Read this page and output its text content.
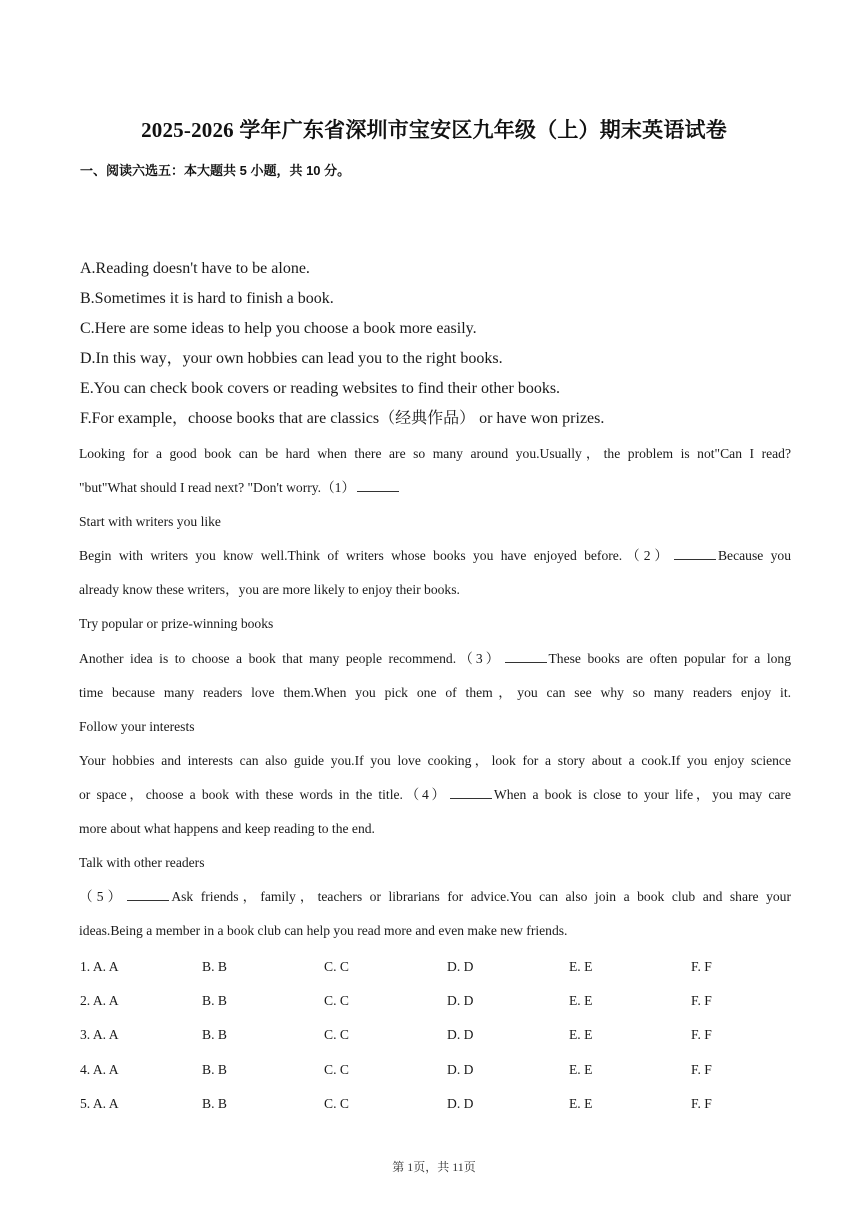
2025-2026 学年广东省深圳市宝安区九年级（上）期末英语试卷
一、阅读六选五：本大题共 5 小题，共 10 分。
A.Reading doesn't have to be alone.
B.Sometimes it is hard to finish a book.
C.Here are some ideas to help you choose a book more easily.
D.In this way，your own hobbies can lead you to the right books.
E.You can check book covers or reading websites to find their other books.
F.For example，choose books that are classics（经典作品） or have won prizes.
Looking for a good book can be hard when there are so many around you.Usually，the problem is not"Can I read?
"but"What should I read next? "Don't worry.（1）
Start with writers you like
Begin with writers you know well.Think of writers whose books you have enjoyed before.（2）	Because you
already know these writers，you are more likely to enjoy their books.
Try popular or prize-winning books
Another idea is to choose a book that many people recommend.（3）	These books are often popular for a long
time because many readers love them.When you pick one of them，you can see why so many readers enjoy it.
Follow your interests
Your hobbies and interests can also guide you.If you love cooking，look for a story about a cook.If you enjoy science
or space，choose a book with these words in the title.（4）	When a book is close to your life，you may care
more about what happens and keep reading to the end.
Talk with other readers
（5）	Ask friends，family，teachers or librarians for advice.You can also join a book club and share your
ideas.Being a member in a book club can help you read more and even make new friends.
1. A. A	B. B	C. C	D. D	E. E	F. F
2. A. A	B. B	C. C	D. D	E. E	F. F
3. A. A	B. B	C. C	D. D	E. E	F. F
4. A. A	B. B	C. C	D. D	E. E	F. F
5. A. A	B. B	C. C	D. D	E. E	F. F
第 1页，共 11页
